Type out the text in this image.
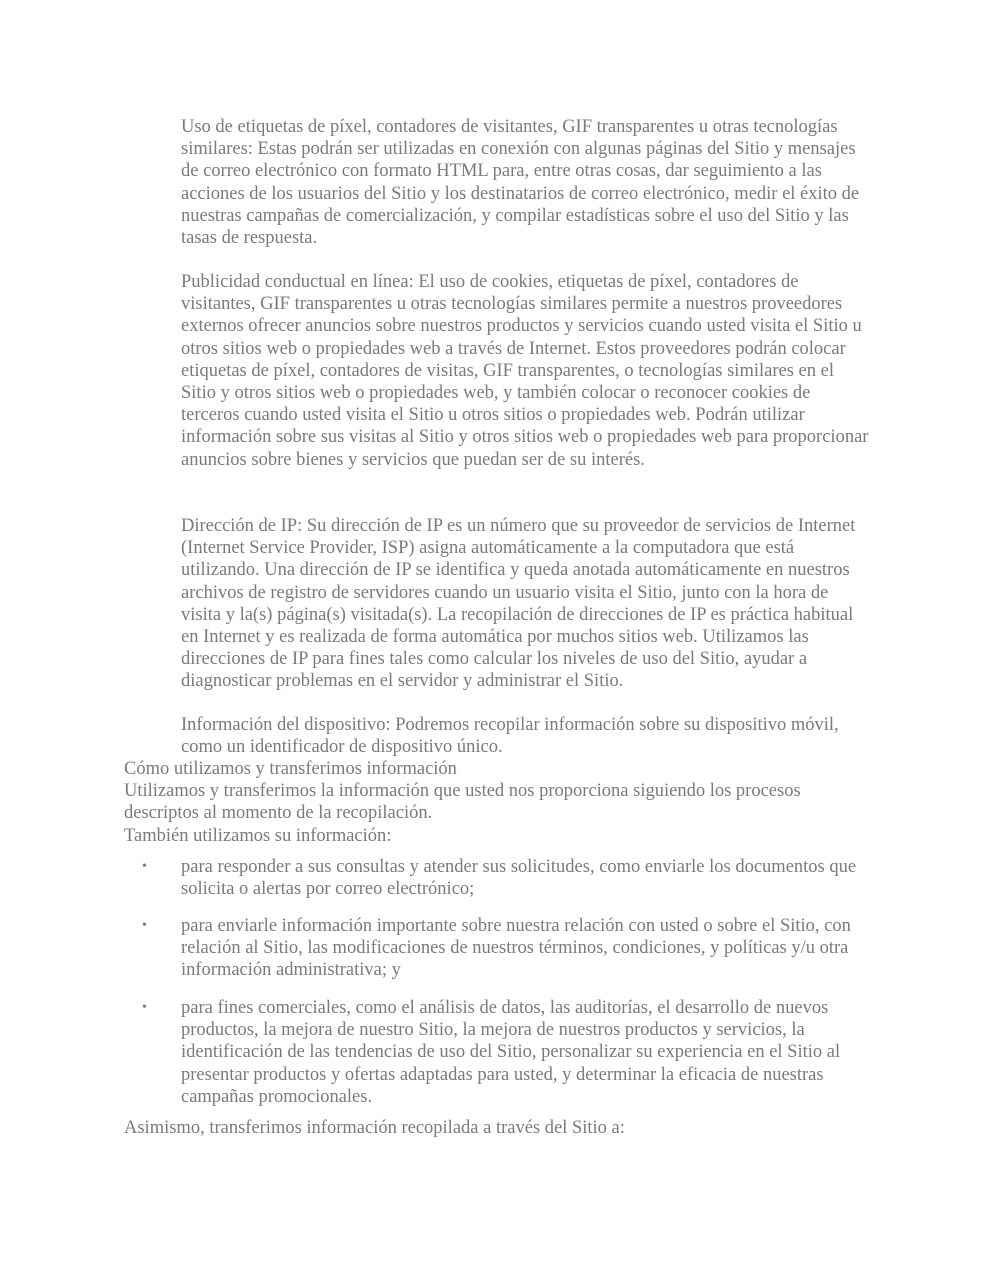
Uso de etiquetas de píxel, contadores de visitantes, GIF transparentes u otras tecnologías similares: Estas podrán ser utilizadas en conexión con algunas páginas del Sitio y mensajes de correo electrónico con formato HTML para, entre otras cosas, dar seguimiento a las acciones de los usuarios del Sitio y los destinatarios de correo electrónico, medir el éxito de nuestras campañas de comercialización, y compilar estadísticas sobre el uso del Sitio y las tasas de respuesta.

Publicidad conductual en línea: El uso de cookies, etiquetas de píxel, contadores de visitantes, GIF transparentes u otras tecnologías similares permite a nuestros proveedores externos ofrecer anuncios sobre nuestros productos y servicios cuando usted visita el Sitio u otros sitios web o propiedades web a través de Internet. Estos proveedores podrán colocar etiquetas de píxel, contadores de visitas, GIF transparentes, o tecnologías similares en el Sitio y otros sitios web o propiedades web, y también colocar o reconocer cookies de terceros cuando usted visita el Sitio u otros sitios o propiedades web. Podrán utilizar información sobre sus visitas al Sitio y otros sitios web o propiedades web para proporcionar anuncios sobre bienes y servicios que puedan ser de su interés.

Dirección de IP: Su dirección de IP es un número que su proveedor de servicios de Internet (Internet Service Provider, ISP) asigna automáticamente a la computadora que está utilizando. Una dirección de IP se identifica y queda anotada automáticamente en nuestros archivos de registro de servidores cuando un usuario visita el Sitio, junto con la hora de visita y la(s) página(s) visitada(s). La recopilación de direcciones de IP es práctica habitual en Internet y es realizada de forma automática por muchos sitios web. Utilizamos las direcciones de IP para fines tales como calcular los niveles de uso del Sitio, ayudar a diagnosticar problemas en el servidor y administrar el Sitio.

Información del dispositivo: Podremos recopilar información sobre su dispositivo móvil, como un identificador de dispositivo único.

Cómo utilizamos y transferimos información

Utilizamos y transferimos la información que usted nos proporciona siguiendo los procesos descriptos al momento de la recopilación.

También utilizamos su información:

• para responder a sus consultas y atender sus solicitudes, como enviarle los documentos que solicita o alertas por correo electrónico;

• para enviarle información importante sobre nuestra relación con usted o sobre el Sitio, con relación al Sitio, las modificaciones de nuestros términos, condiciones, y políticas y/u otra información administrativa; y

• para fines comerciales, como el análisis de datos, las auditorías, el desarrollo de nuevos productos, la mejora de nuestro Sitio, la mejora de nuestros productos y servicios, la identificación de las tendencias de uso del Sitio, personalizar su experiencia en el Sitio al presentar productos y ofertas adaptadas para usted, y determinar la eficacia de nuestras campañas promocionales.

Asimismo, transferimos información recopilada a través del Sitio a:
